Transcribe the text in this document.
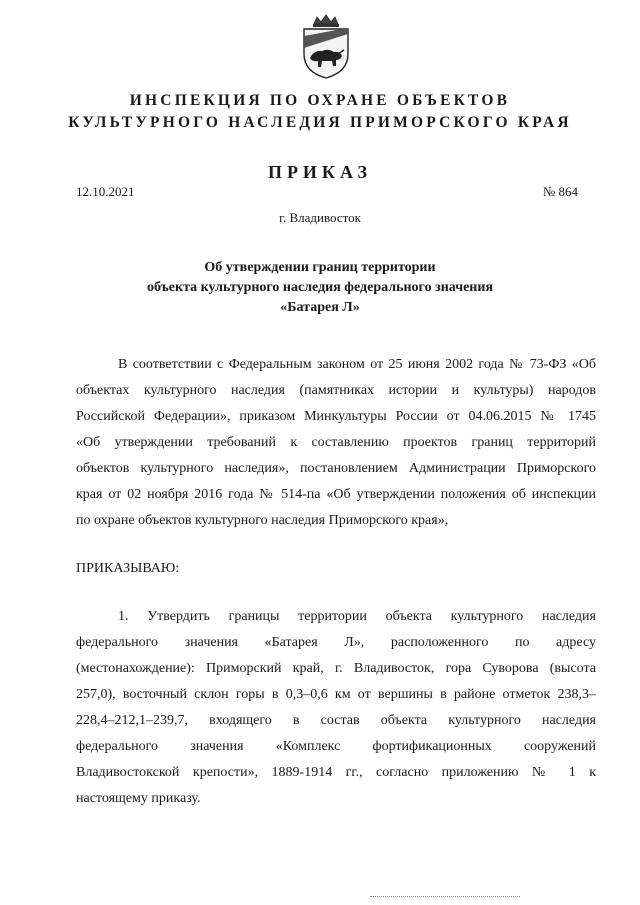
ИНСПЕКЦИЯ ПО ОХРАНЕ ОБЪЕКТОВ
КУЛЬТУРНОГО НАСЛЕДИЯ ПРИМОРСКОГО КРАЯ
ПРИКАЗ
12.10.2021	№ 864
г. Владивосток
Об утверждении границ территории
объекта культурного наследия федерального значения
«Батарея Л»
В соответствии с Федеральным законом от 25 июня 2002 года № 73-ФЗ «Об
объектах культурного наследия (памятниках истории и культуры) народов
Российской Федерации», приказом Минкультуры России от 04.06.2015 № 1745
«Об утверждении требований к составлению проектов границ территорий
объектов культурного наследия», постановлением Администрации Приморского
края от 02 ноября 2016 года № 514-па «Об утверждении положения об инспекции
по охране объектов культурного наследия Приморского края»,
ПРИКАЗЫВАЮ:
1. Утвердить границы территории объекта культурного наследия
федерального значения «Батарея Л», расположенного по адресу
(местонахождение): Приморский край, г. Владивосток, гора Суворова (высота
257,0), восточный склон горы в 0,3–0,6 км от вершины в районе отметок 238,3–
228,4–212,1–239,7, входящего в состав объекта культурного наследия
федерального значения «Комплекс фортификационных сооружений
Владивостокской крепости», 1889-1914 гг., согласно приложению № 1 к
настоящему приказу.
